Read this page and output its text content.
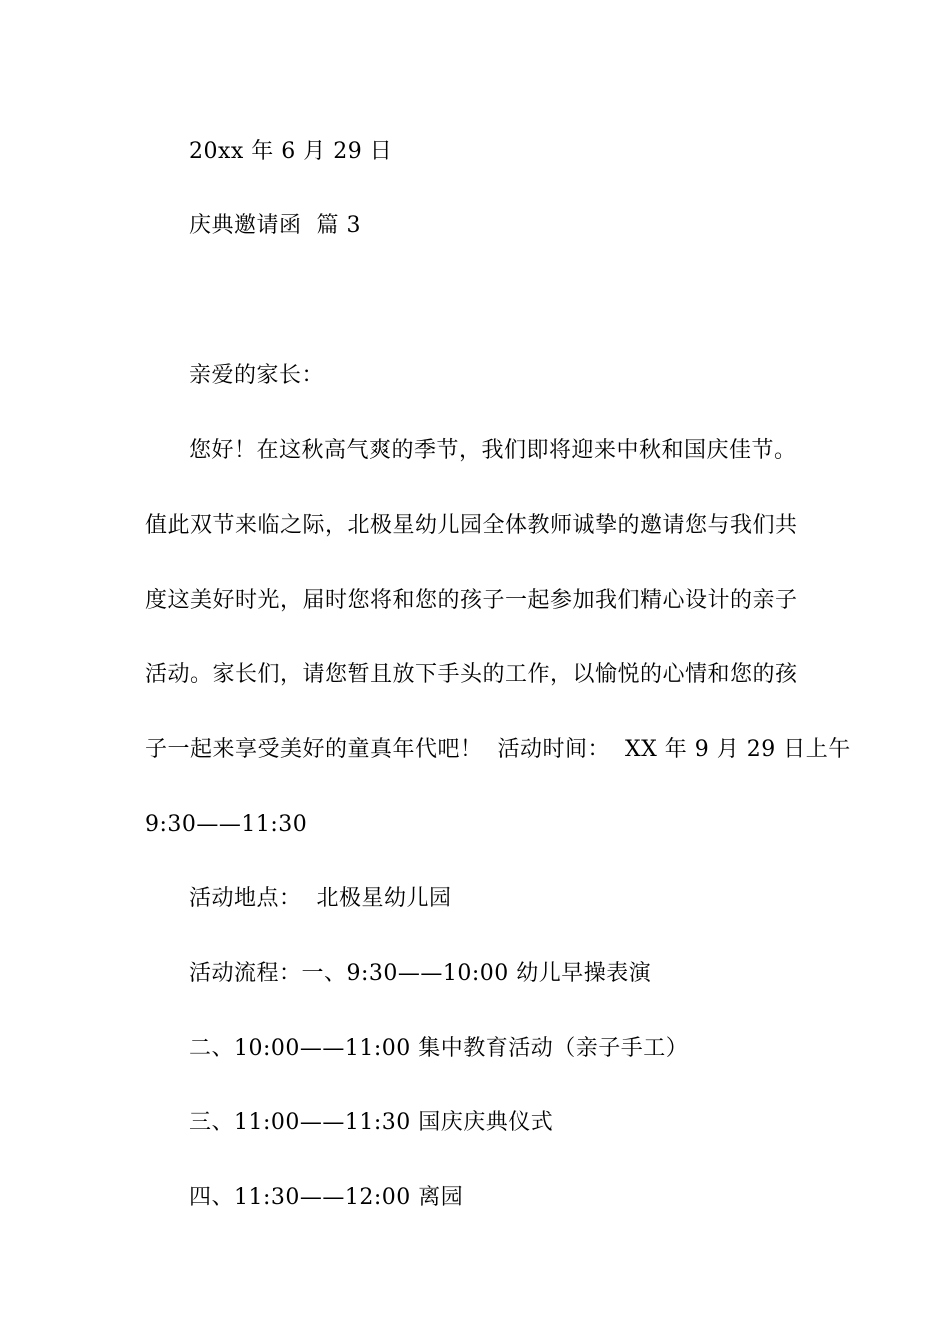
20xx 年 6 月 29 日
庆典邀请函  篇 3
亲爱的家长：
您好！在这秋高气爽的季节，我们即将迎来中秋和国庆佳节。
值此双节来临之际，北极星幼儿园全体教师诚挚的邀请您与我们共
度这美好时光，届时您将和您的孩子一起参加我们精心设计的亲子
活动。家长们，请您暂且放下手头的工作，以愉悦的心情和您的孩
子一起来享受美好的童真年代吧！  活动时间：  XX 年 9 月 29 日上午
9:30——11:30
活动地点：  北极星幼儿园
活动流程：一、9:30——10:00 幼儿早操表演
二、10:00——11:00 集中教育活动（亲子手工）
三、11:00——11:30 国庆庆典仪式
四、11:30——12:00 离园
